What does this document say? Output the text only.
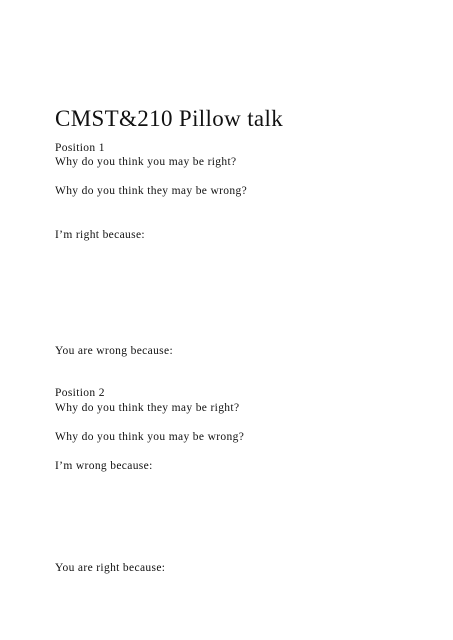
CMST&210 Pillow talk

Position 1

Why do you think you may be right?

Why do you think they may be wrong?

I’m right because:

You are wrong because:

Position 2

Why do you think they may be right?

Why do you think you may be wrong?

I’m wrong because:

You are right because:
